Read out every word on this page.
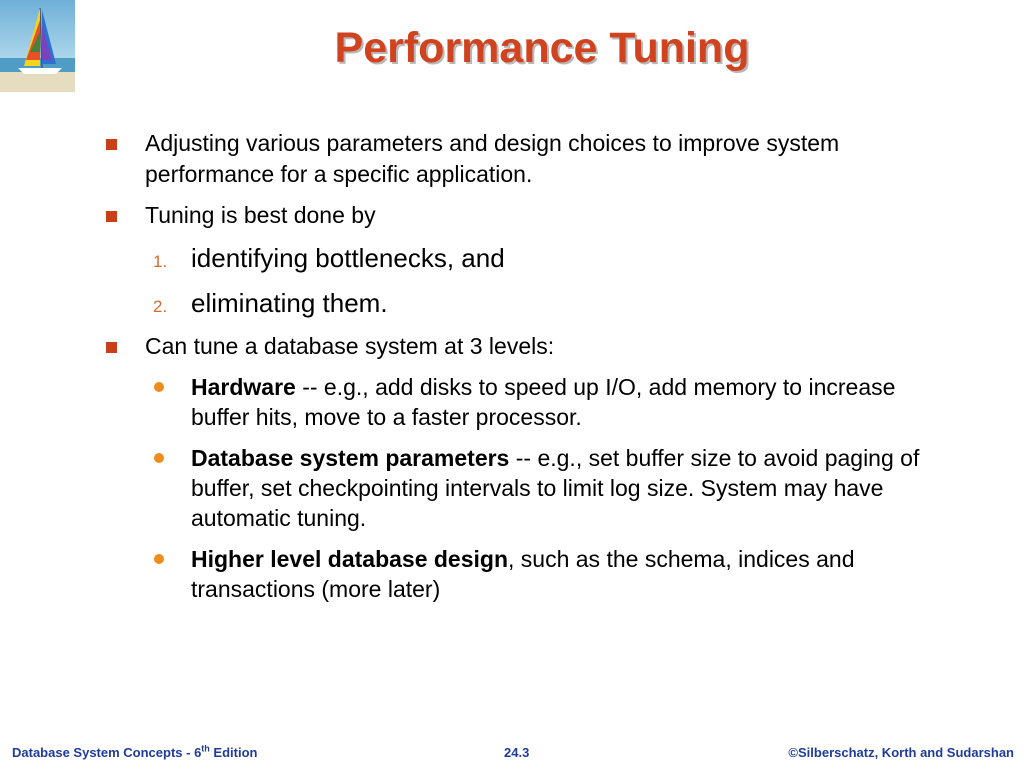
Performance Tuning
Adjusting various parameters and design choices to improve system performance for a specific application.
Tuning is best done by
1. identifying bottlenecks, and
2. eliminating them.
Can tune a database system at 3 levels:
Hardware -- e.g., add disks to speed up I/O, add memory to increase buffer hits, move to a faster processor.
Database system parameters -- e.g., set buffer size to avoid paging of buffer, set checkpointing intervals to limit log size. System may have automatic tuning.
Higher level database design, such as the schema, indices and transactions (more later)
Database System Concepts - 6th Edition	24.3	©Silberschatz, Korth and Sudarshan
